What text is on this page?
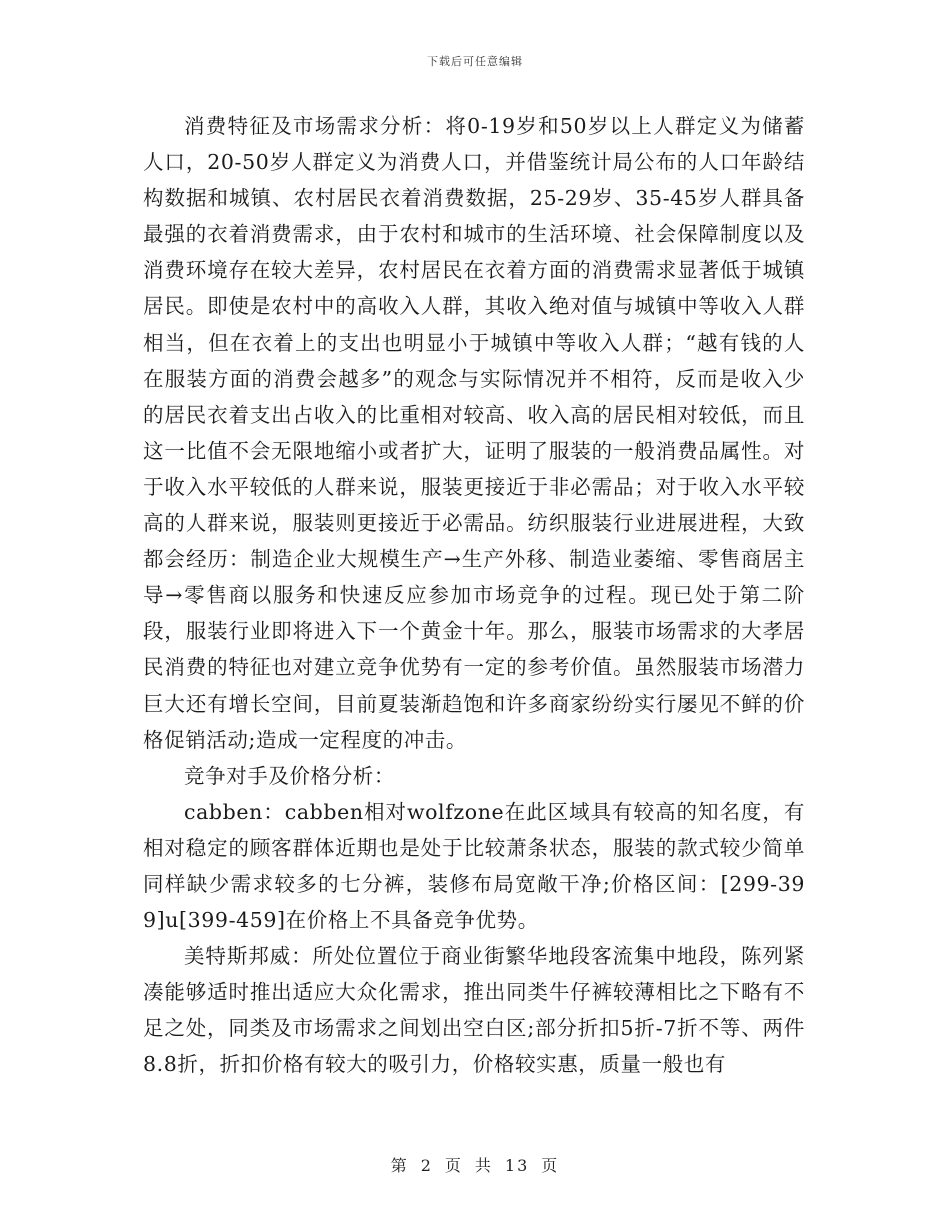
下载后可任意编辑

消费特征及市场需求分析：将0-19岁和50岁以上人群定义为储蓄人口，20-50岁人群定义为消费人口，并借鉴统计局公布的人口年龄结构数据和城镇、农村居民衣着消费数据，25-29岁、35-45岁人群具备最强的衣着消费需求，由于农村和城市的生活环境、社会保障制度以及消费环境存在较大差异，农村居民在衣着方面的消费需求显著低于城镇居民。即使是农村中的高收入人群，其收入绝对值与城镇中等收入人群相当，但在衣着上的支出也明显小于城镇中等收入人群；“越有钱的人在服装方面的消费会越多”的观念与实际情况并不相符，反而是收入少的居民衣着支出占收入的比重相对较高、收入高的居民相对较低，而且这一比值不会无限地缩小或者扩大，证明了服装的一般消费品属性。对于收入水平较低的人群来说，服装更接近于非必需品；对于收入水平较高的人群来说，服装则更接近于必需品。纺织服装行业进展进程，大致都会经历：制造企业大规模生产→生产外移、制造业萎缩、零售商居主导→零售商以服务和快速反应参加市场竞争的过程。现已处于第二阶段，服装行业即将进入下一个黄金十年。那么，服装市场需求的大孝居民消费的特征也对建立竞争优势有一定的参考价值。虽然服装市场潜力巨大还有增长空间，目前夏装渐趋饱和许多商家纷纷实行屡见不鲜的价格促销活动;造成一定程度的冲击。

竞争对手及价格分析：

cabben：cabben相对wolfzone在此区域具有较高的知名度，有相对稳定的顾客群体近期也是处于比较萧条状态，服装的款式较少简单同样缺少需求较多的七分裤，装修布局宽敞干净;价格区间：[299-399]u[399-459]在价格上不具备竞争优势。

美特斯邦威：所处位置位于商业街繁华地段客流集中地段，陈列紧凑能够适时推出适应大众化需求，推出同类牛仔裤较薄相比之下略有不足之处，同类及市场需求之间划出空白区;部分折扣5折-7折不等、两件8.8折，折扣价格有较大的吸引力，价格较实惠，质量一般也有

第 2 页 共 13 页
